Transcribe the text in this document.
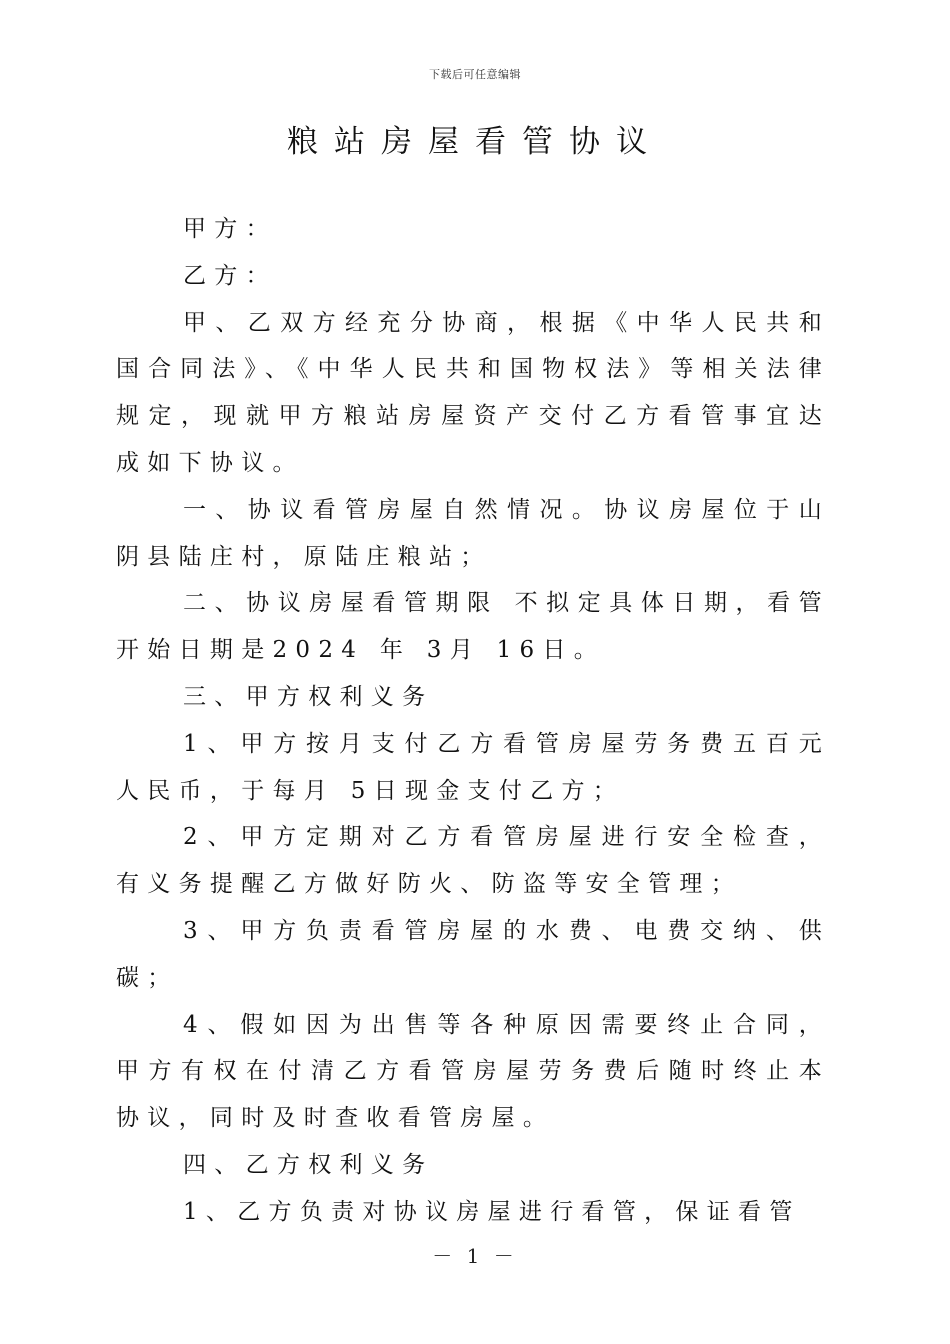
下载后可任意编辑
粮站房屋看管协议

甲方：

乙方：

甲、乙双方经充分协商，根据《中华人民共和国合同法》、《中华人民共和国物权法》等相关法律规定，现就甲方粮站房屋资产交付乙方看管事宜达成如下协议。

一、协议看管房屋自然情况。协议房屋位于山阴县陆庄村，原陆庄粮站；

二、协议房屋看管期限 不拟定具体日期，看管开始日期是2024 年 3月 16日。

三、甲方权利义务

1、甲方按月支付乙方看管房屋劳务费五百元人民币，于每月 5日现金支付乙方；

2、甲方定期对乙方看管房屋进行安全检查，有义务提醒乙方做好防火、防盗等安全管理；

3、甲方负责看管房屋的水费、电费交纳、供碳；

4、假如因为出售等各种原因需要终止合同，甲方有权在付清乙方看管房屋劳务费后随时终止本协议，同时及时查收看管房屋。

四、乙方权利义务

1、乙方负责对协议房屋进行看管，保证看管

－ 1 －
